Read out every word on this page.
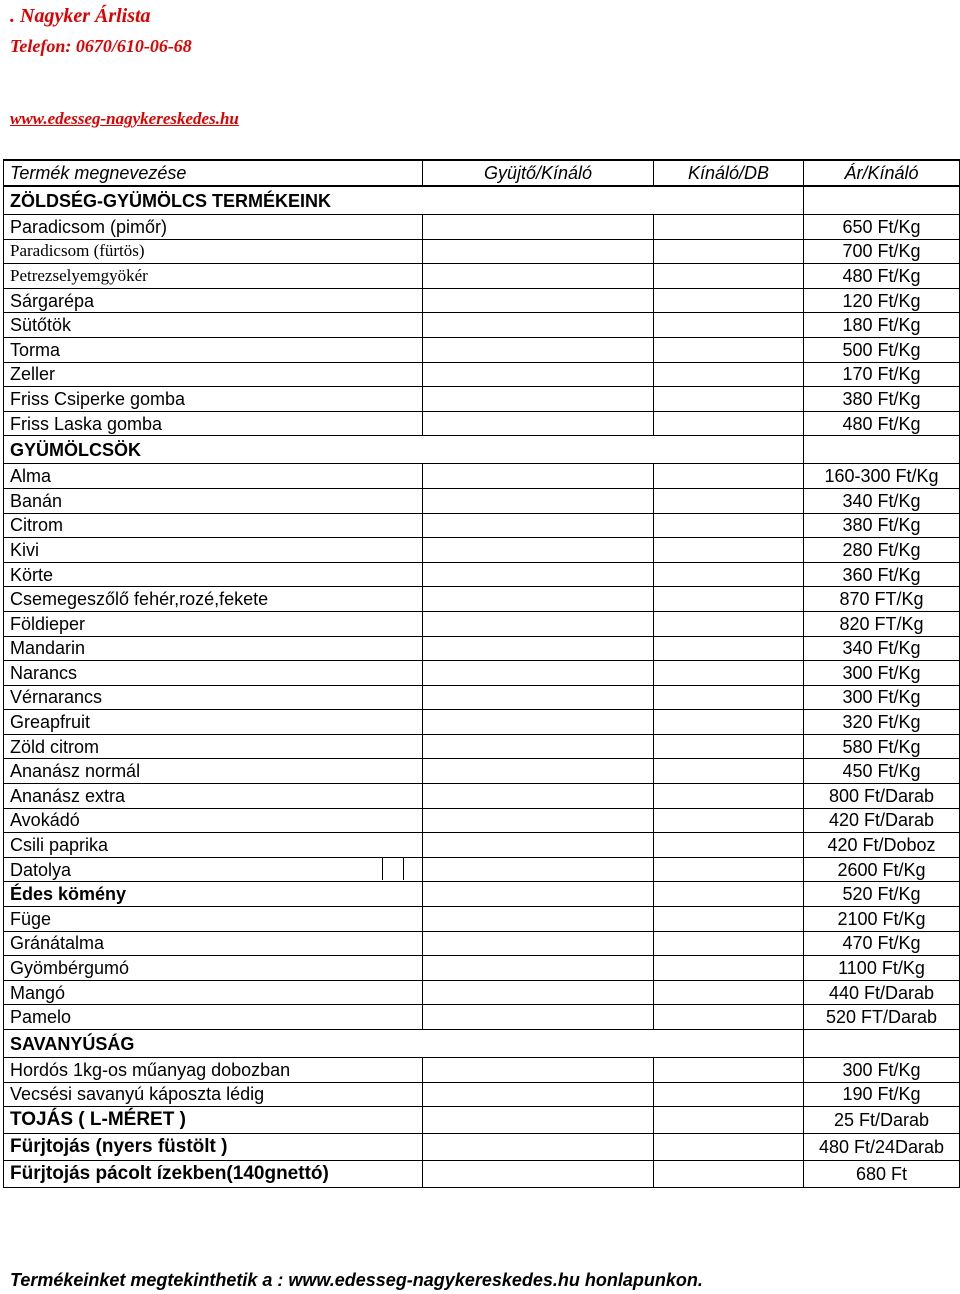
. Nagyker Árlista
Telefon: 0670/610-06-68
www.edesseg-nagykereskedes.hu
Termék megnevezése	Gyüjtő/Kínáló	Kínáló/DB	Ár/Kínáló
ZÖLDSÉG-GYÜMÖLCS TERMÉKEINK			
Paradicsom (pimőr)			650 Ft/Kg
Paradicsom (fürtös)			700 Ft/Kg
Petrezselyemgyökér			480 Ft/Kg
Sárgarépa			120 Ft/Kg
Sütőtök			180 Ft/Kg
Torma			500 Ft/Kg
Zeller			170 Ft/Kg
Friss Csiperke gomba			380 Ft/Kg
Friss Laska gomba			480 Ft/Kg
GYÜMÖLCSÖK			
Alma			160-300 Ft/Kg
Banán			340 Ft/Kg
Citrom			380 Ft/Kg
Kivi			280 Ft/Kg
Körte			360 Ft/Kg
Csemegeszőlő fehér,rozé,fekete			870 FT/Kg
Földieper			820 FT/Kg
Mandarin			340 Ft/Kg
Narancs			300 Ft/Kg
Vérnarancs			300 Ft/Kg
Greapfruit			320 Ft/Kg
Zöld citrom			580 Ft/Kg
Ananász normál			450 Ft/Kg
Ananász extra			800 Ft/Darab
Avokádó			420 Ft/Darab
Csili paprika			420 Ft/Doboz
Datolya			2600 Ft/Kg
Édes kömény			520 Ft/Kg
Füge			2100 Ft/Kg
Gránátalma			470 Ft/Kg
Gyömbérgumó			1100 Ft/Kg
Mangó			440 Ft/Darab
Pamelo			520 FT/Darab
SAVANYÚSÁG			
Hordós 1kg-os műanyag dobozban			300 Ft/Kg
Vecsési savanyú káposzta lédig			190 Ft/Kg
TOJÁS ( L-MÉRET )			25 Ft/Darab
Fürjtojás (nyers füstölt )			480 Ft/24Darab
Fürjtojás pácolt ízekben(140gnettó)			680 Ft
Termékeinket megtekinthetik a : www.edesseg-nagykereskedes.hu honlapunkon.
